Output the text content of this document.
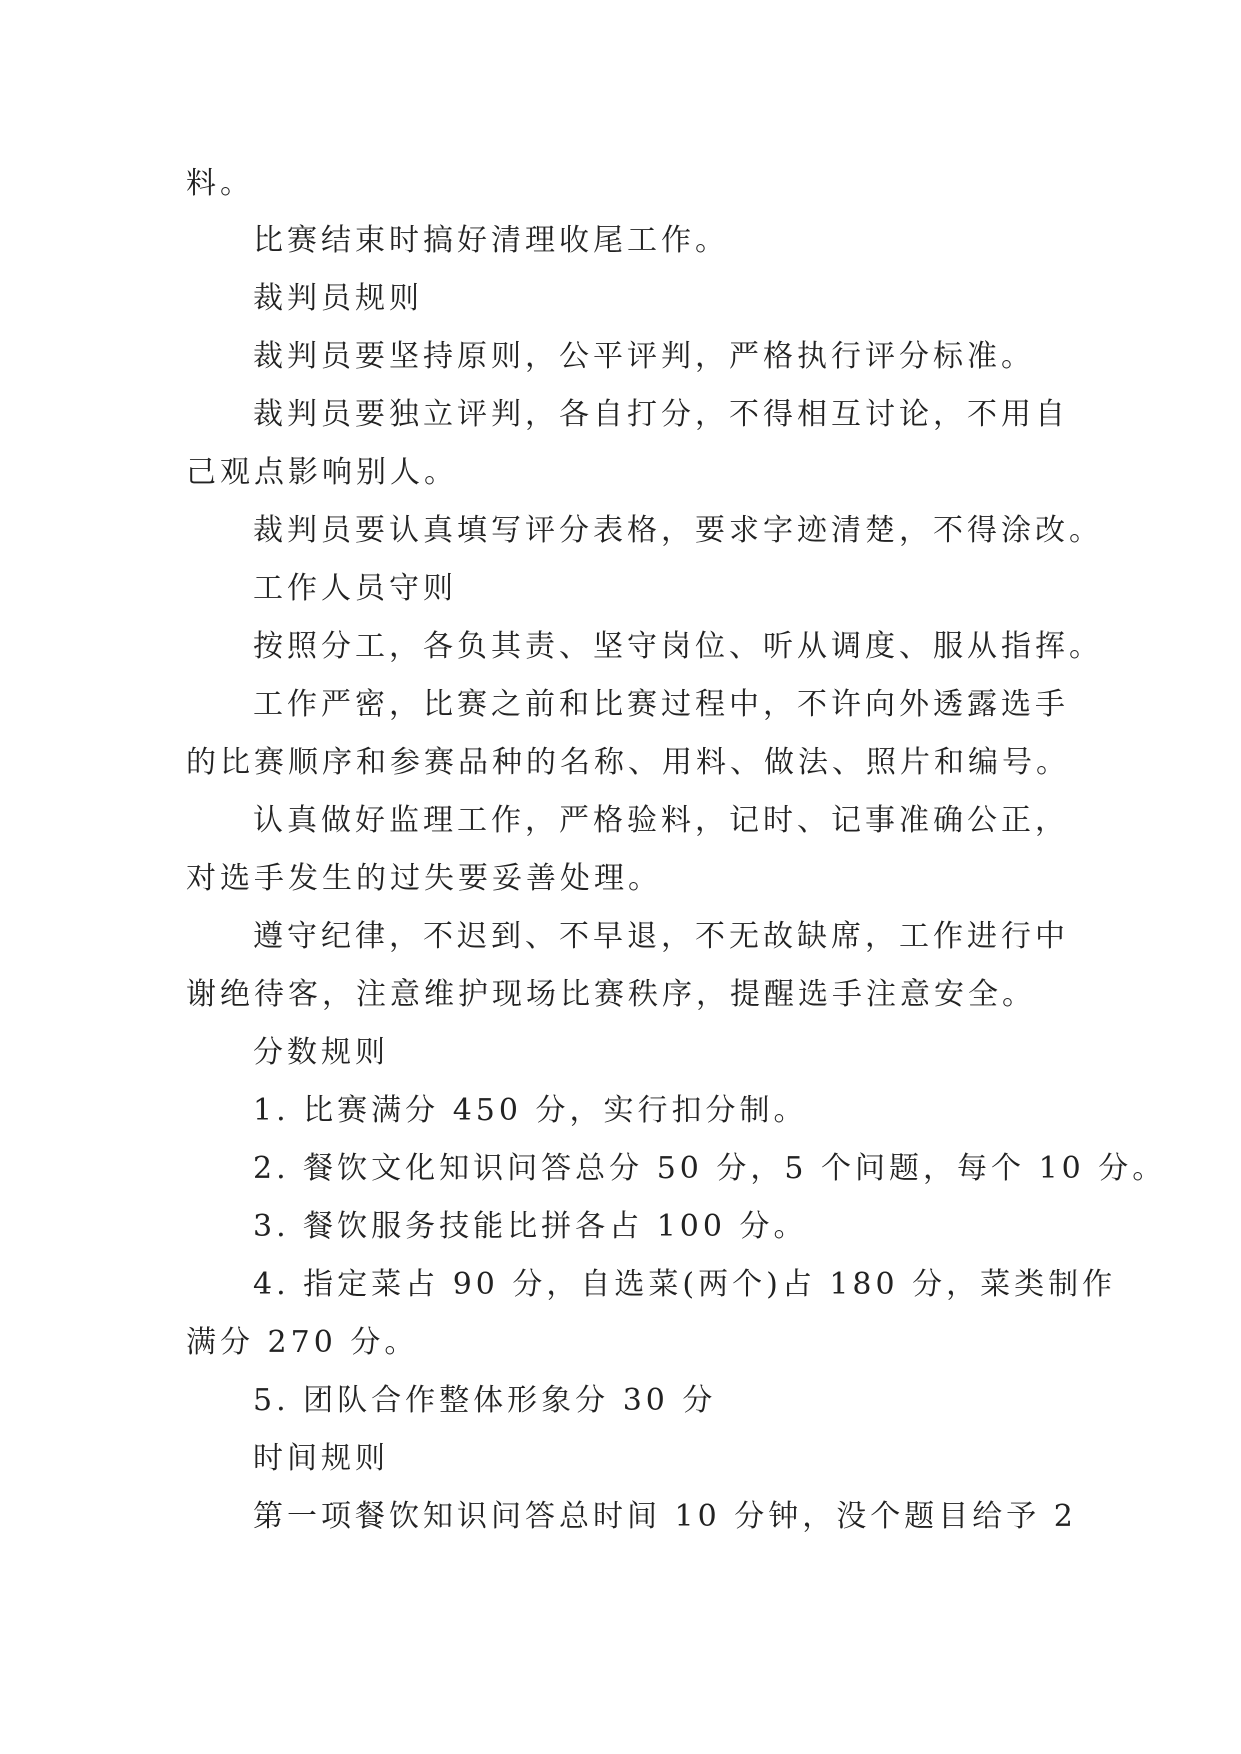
料。
比赛结束时搞好清理收尾工作。
裁判员规则
裁判员要坚持原则，公平评判，严格执行评分标准。
裁判员要独立评判，各自打分，不得相互讨论，不用自
己观点影响别人。
裁判员要认真填写评分表格，要求字迹清楚，不得涂改。
工作人员守则
按照分工，各负其责、坚守岗位、听从调度、服从指挥。
工作严密，比赛之前和比赛过程中，不许向外透露选手
的比赛顺序和参赛品种的名称、用料、做法、照片和编号。
认真做好监理工作，严格验料，记时、记事准确公正，
对选手发生的过失要妥善处理。
遵守纪律，不迟到、不早退，不无故缺席，工作进行中
谢绝待客，注意维护现场比赛秩序，提醒选手注意安全。
分数规则
1. 比赛满分 450 分，实行扣分制。
2. 餐饮文化知识问答总分 50 分，5 个问题，每个 10 分。
3. 餐饮服务技能比拼各占 100 分。
4. 指定菜占 90 分，自选菜(两个)占 180 分，菜类制作
满分 270 分。
5. 团队合作整体形象分 30 分
时间规则
第一项餐饮知识问答总时间 10 分钟，没个题目给予 2
